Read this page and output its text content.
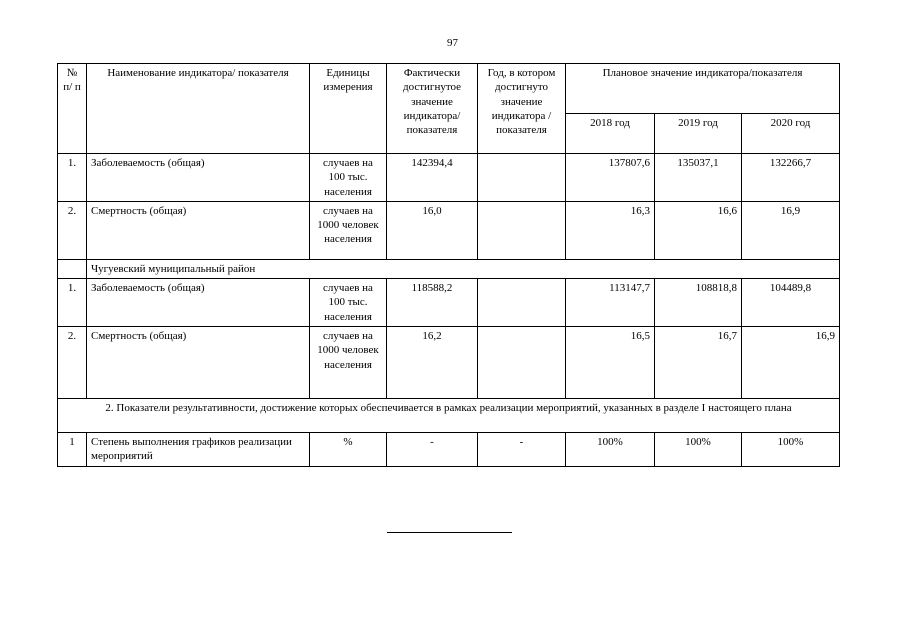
97
№ п/ п	Наименование индикатора/ показателя	Единицы измерения	Фактически достигнутое значение индикатора/ показателя	Год, в котором достигнуто значение индикатора /показателя	Плановое значение индикатора/показателя		
					2018 год	2019 год	2020 год
1.	Заболеваемость (общая)	случаев на 100 тыс. населения	142394,4		137807,6	135037,1	132266,7
2.	Смертность (общая)	случаев на 1000 человек населения	16,0		16,3	16,6	16,9
	Чугуевский муниципальный район						
1.	Заболеваемость (общая)	случаев на 100 тыс. населения	118588,2		113147,7	108818,8	104489,8
2.	Смертность (общая)	случаев на 1000 человек населения	16,2		16,5	16,7	16,9
2. Показатели результативности, достижение которых обеспечивается в рамках реализации мероприятий, указанных в разделе I настоящего плана							
1	Степень выполнения графиков реализации мероприятий	%	-	-	100%	100%	100%
